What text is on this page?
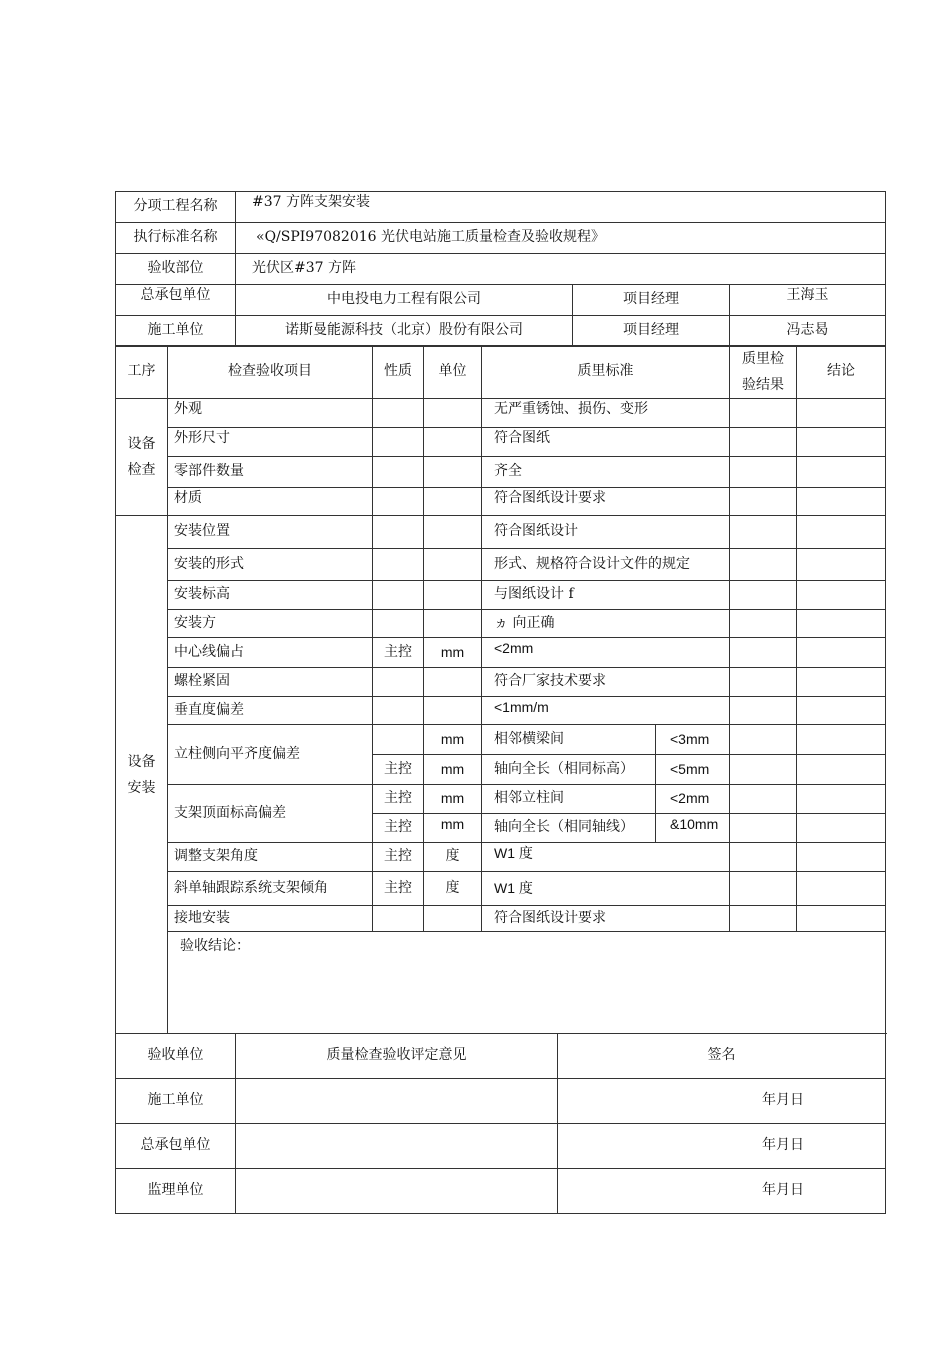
分项工程名称	#37 方阵支架安装		
执行标准名称	«Q/SPI97082016 光伏电站施工质量检查及验收规程》		
验收部位	光伏区#37 方阵		
总承包单位	中电投电力工程有限公司	项目经理	王海玉
施工单位	诺斯曼能源科技（北京）股份有限公司	项目经理	冯志曷
工序	检查验收项目	性质	单位	质里标准		质里检验结果	结论
设备检查	外观			无严重锈蚀、损伤、变形			
	外形尺寸			符合图纸			
	零部件数量			齐全			
	材质			符合图纸设计要求			
设备安装	安装位置			符合图纸设计			
	安装的形式			形式、规格符合设计文件的规定			
	安装标高			与图纸设计 f			
	安装方			ヵ 向正确			
	中心线偏占	主控	mm	<2mm			
	螺栓紧固			符合厂家技术要求			
	垂直度偏差			<1mm/m			
	立柱侧向平齐度偏差		mm	相邻横梁间	<3mm		
		主控	mm	轴向全长（相同标高）	<5mm		
	支架顶面标高偏差	主控	mm	相邻立柱间	<2mm		
		主控	mm	轴向全长（相同轴线）	&10mm		
	调整支架角度	主控	度	W1 度			
	斜单轴跟踪系统支架倾角	主控	度	W1 度			
	接地安装			符合图纸设计要求			
	验收结论：						
验收单位	质量检查验收评定意见	签名
施工单位		年月日
总承包单位		年月日
监理单位		年月日
